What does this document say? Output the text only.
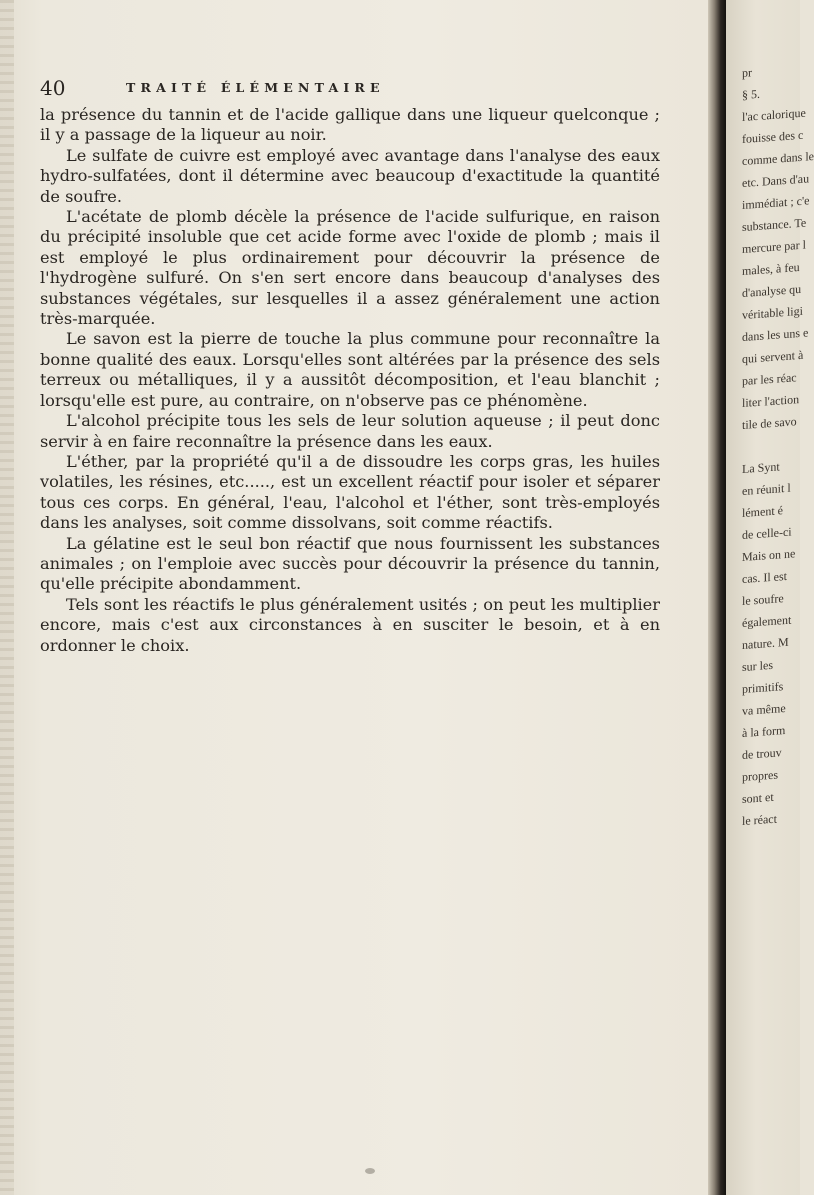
40	TRAITÉ ÉLÉMENTAIRE

la présence du tannin et de l'acide gallique dans une liqueur quelconque ; il y a passage de la liqueur au noir.

Le sulfate de cuivre est employé avec avantage dans l'analyse des eaux hydro-sulfatées, dont il détermine avec beaucoup d'exactitude la quantité de soufre.

L'acétate de plomb décèle la présence de l'acide sulfurique, en raison du précipité insoluble que cet acide forme avec l'oxide de plomb ; mais il est employé le plus ordinairement pour découvrir la présence de l'hydrogène sulfuré. On s'en sert encore dans beaucoup d'analyses des substances végétales, sur lesquelles il a assez généralement une action très-marquée.

Le savon est la pierre de touche la plus commune pour reconnaître la bonne qualité des eaux. Lorsqu'elles sont altérées par la présence des sels terreux ou métalliques, il y a aussitôt décomposition, et l'eau blanchit ; lorsqu'elle est pure, au contraire, on n'observe pas ce phénomène.

L'alcohol précipite tous les sels de leur solution aqueuse ; il peut donc servir à en faire reconnaître la présence dans les eaux.

L'éther, par la propriété qu'il a de dissoudre les corps gras, les huiles volatiles, les résines, etc....., est un excellent réactif pour isoler et séparer tous ces corps. En général, l'eau, l'alcohol et l'éther, sont très-employés dans les analyses, soit comme dissolvans, soit comme réactifs.

La gélatine est le seul bon réactif que nous fournissent les substances animales ; on l'emploie avec succès pour découvrir la présence du tannin, qu'elle précipite abondamment.

Tels sont les réactifs le plus généralement usités ; on peut les multiplier encore, mais c'est aux circonstances à en susciter le besoin, et à en ordonner le choix.

pr
§ 5.
l'ac calorique
fouisse des c
comme dans le
etc. Dans d'au
immédiat ; c'e
substance. Te
mercure par l
males, à feu
d'analyse qu
véritable ligi
dans les uns e
qui servent à
par les réac
liter l'action
tile de savo

La Synt
en réunit l
lément é
de celle-ci
Mais on ne
cas. Il est
le soufre
également
nature. M
sur les
primitifs
va même
à la form
de trouv
propres
sont et
le réact
